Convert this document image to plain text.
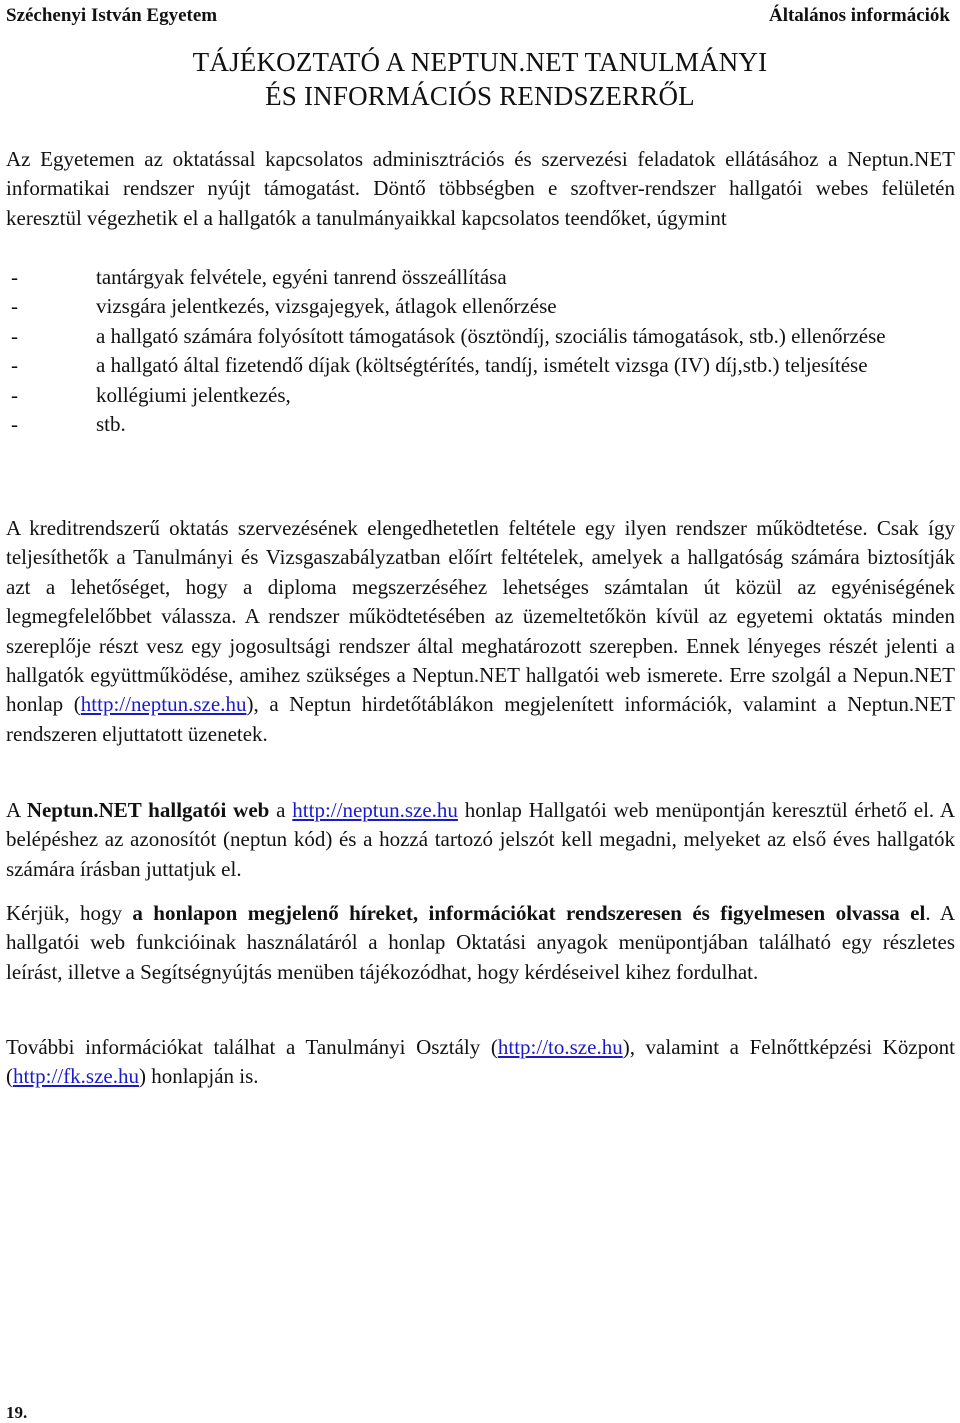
Széchenyi István Egyetem	Általános információk
TÁJÉKOZTATÓ A NEPTUN.NET TANULMÁNYI
ÉS INFORMÁCIÓS RENDSZERRŐL
Az Egyetemen az oktatással kapcsolatos adminisztrációs és szervezési feladatok ellátásához a Neptun.NET informatikai rendszer nyújt támogatást. Döntő többségben e szoftver-rendszer hallgatói webes felületén keresztül végezhetik el a hallgatók a tanulmányaikkal kapcsolatos teendőket, úgymint
-	tantárgyak felvétele, egyéni tanrend összeállítása
-	vizsgára jelentkezés, vizsgajegyek, átlagok ellenőrzése
-	a hallgató számára folyósított támogatások (ösztöndíj, szociális támogatások, stb.) ellenőrzése
-	a hallgató által fizetendő díjak (költségtérítés, tandíj, ismételt vizsga (IV) díj,stb.) teljesítése
-	kollégiumi jelentkezés,
-	stb.
A kreditrendszerű oktatás szervezésének elengedhetetlen feltétele egy ilyen rendszer működtetése. Csak így teljesíthetők a Tanulmányi és Vizsgaszabályzatban előírt feltételek, amelyek a hallgatóság számára biztosítják azt a lehetőséget, hogy a diploma megszerzéséhez lehetséges számtalan út közül az egyéniségének legmegfelelőbbet válassza. A rendszer működtetésében az üzemeltetőkön kívül az egyetemi oktatás minden szereplője részt vesz egy jogosultsági rendszer által meghatározott szerepben. Ennek lényeges részét jelenti a hallgatók együttműködése, amihez szükséges a Neptun.NET hallgatói web ismerete. Erre szolgál a Nepun.NET honlap (http://neptun.sze.hu), a Neptun hirdetőtáblákon megjelenített információk, valamint a Neptun.NET rendszeren eljuttatott üzenetek.
A Neptun.NET hallgatói web a http://neptun.sze.hu honlap Hallgatói web menüpontján keresztül érhető el. A belépéshez az azonosítót (neptun kód) és a hozzá tartozó jelszót kell megadni, melyeket az első éves hallgatók számára írásban juttatjuk el.
Kérjük, hogy a honlapon megjelenő híreket, információkat rendszeresen és figyelmesen olvassa el. A hallgatói web funkcióinak használatáról a honlap Oktatási anyagok menüpontjában található egy részletes leírást, illetve a Segítségnyújtás menüben tájékozódhat, hogy kérdéseivel kihez fordulhat.
További információkat találhat a Tanulmányi Osztály (http://to.sze.hu), valamint a Felnőttképzési Központ (http://fk.sze.hu) honlapján is.
19.
